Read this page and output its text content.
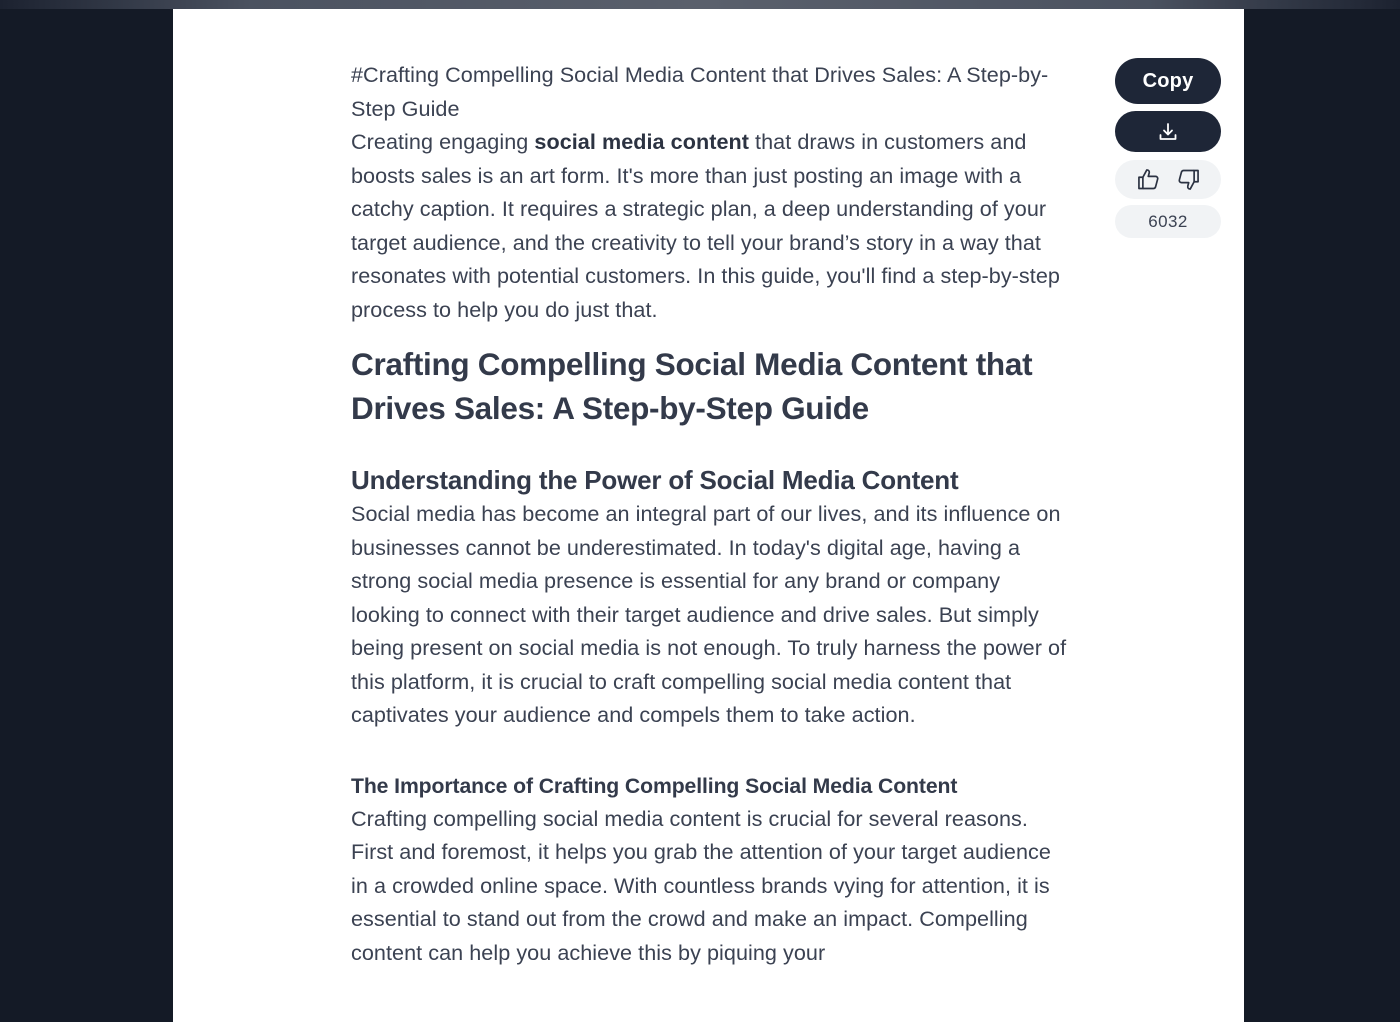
#Crafting Compelling Social Media Content that Drives Sales: A Step-by-Step Guide

Creating engaging social media content that draws in customers and boosts sales is an art form. It's more than just posting an image with a catchy caption. It requires a strategic plan, a deep understanding of your target audience, and the creativity to tell your brand’s story in a way that resonates with potential customers. In this guide, you'll find a step-by-step process to help you do just that.

Crafting Compelling Social Media Content that Drives Sales: A Step-by-Step Guide
Understanding the Power of Social Media Content

Social media has become an integral part of our lives, and its influence on businesses cannot be underestimated. In today's digital age, having a strong social media presence is essential for any brand or company looking to connect with their target audience and drive sales. But simply being present on social media is not enough. To truly harness the power of this platform, it is crucial to craft compelling social media content that captivates your audience and compels them to take action.

The Importance of Crafting Compelling Social Media Content

Crafting compelling social media content is crucial for several reasons. First and foremost, it helps you grab the attention of your target audience in a crowded online space. With countless brands vying for attention, it is essential to stand out from the crowd and make an impact. Compelling content can help you achieve this by piquing your

Copy
6032
